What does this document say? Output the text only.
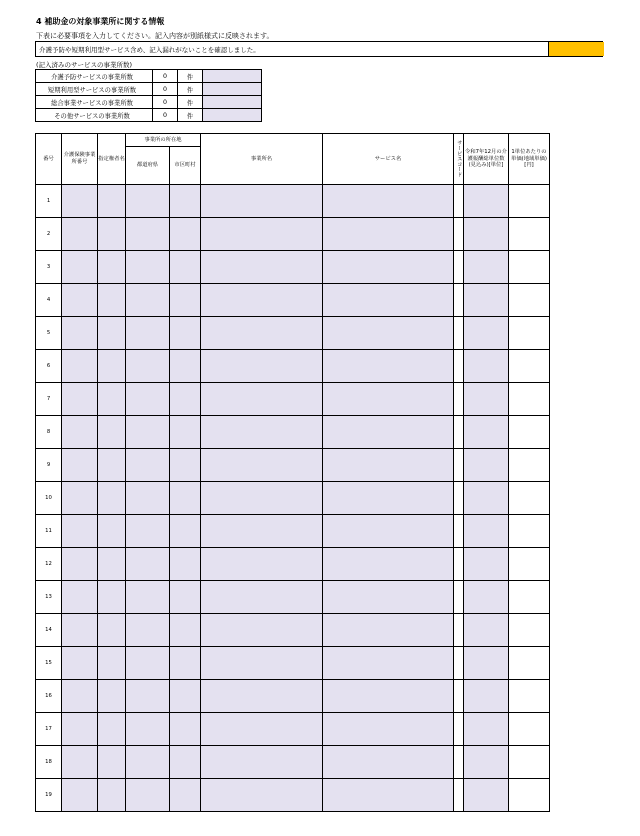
4 補助金の対象事業所に関する情報
下表に必要事項を入力してください。記入内容が別紙様式に反映されます。
介護予防や短期利用型サービス含め、記入漏れがないことを確認しました。
(記入済みのサービスの事業所数)
介護予防サービスの事業所数	0	件	
短期利用型サービスの事業所数	0	件	
総合事業サービスの事業所数	0	件	
その他サービスの事業所数	0	件	
番号	介護保険事業所番号	指定権者名	事業所の所在地		事業所名	サービス名	サービスコード	令和7年12月の介護報酬総単位数(見込み)[単位]	1単位あたりの単価(地域単価)[円]
			都道府県	市区町村					
1									
2									
3									
4									
5									
6									
7									
8									
9									
10									
11									
12									
13									
14									
15									
16									
17									
18									
19									
